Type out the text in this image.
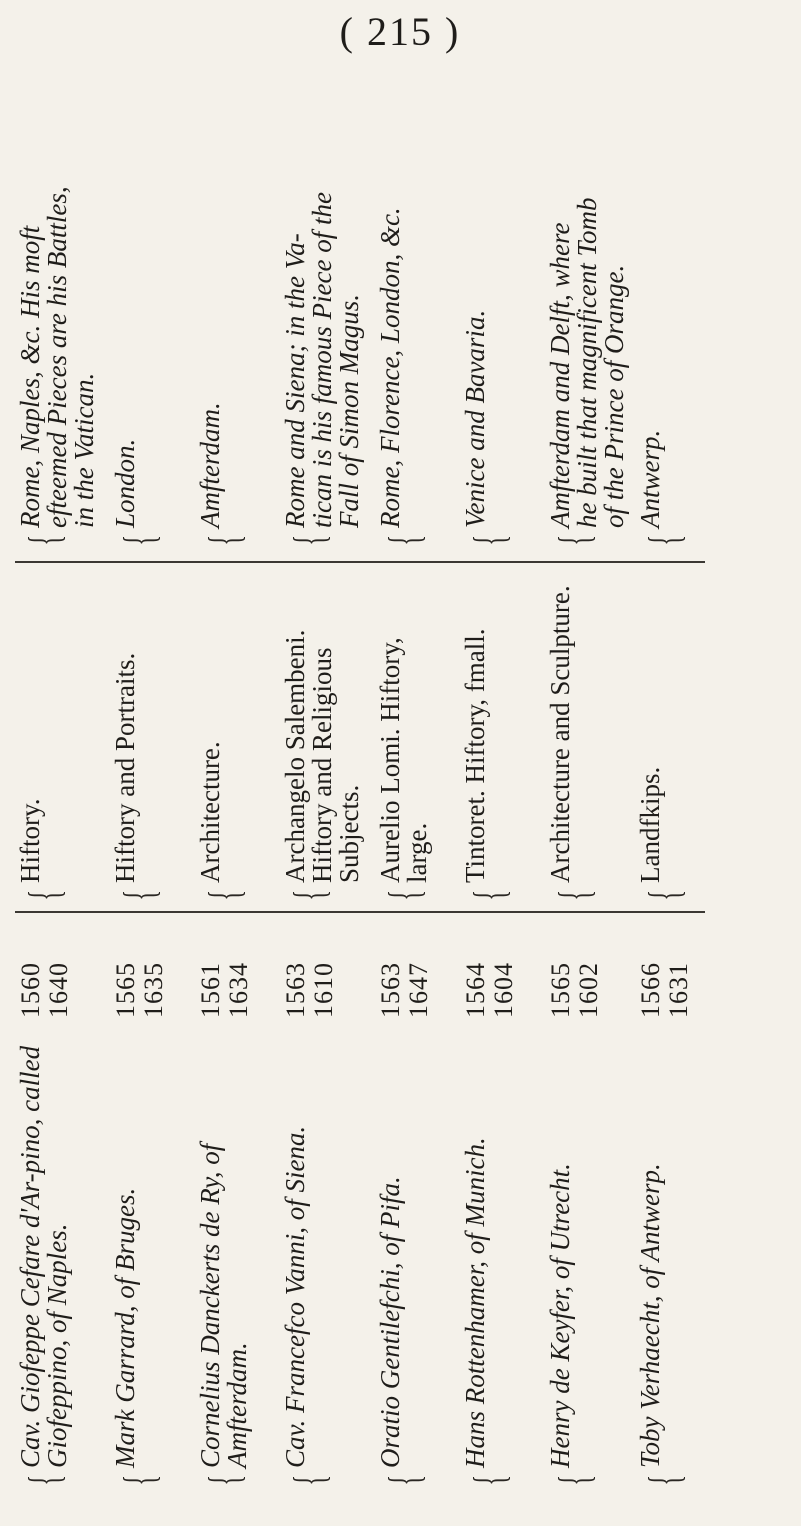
( 215 )
{
Cav. Giofeppe Cefare d'Ar-pino, called Giofeppino, of Naples.
1560 1640
{
Hiftory.
{
Rome, Naples, &c. His moft
efteemed Pieces are his Battles,
in the Vatican.
{
Mark Garrard, of Bruges.
1565 1635
{
Hiftory and Portraits.
{
London.
{
Cornelius Danckerts de Ry, of Amfterdam.
1561 1634
{
Architecture.
{
Amfterdam.
{
Cav. Francefco Vanni, of Siena.
1563 1610
{
Archangelo Salembeni. Hiftory and Religious Subjects.
{
Rome and Siena; in the Va-
tican is his famous Piece of the
Fall of Simon Magus.
{
Oratio Gentilefchi, of Pifa.
1563 1647
{
Aurelio Lomi. Hiftory, large.
{
Rome, Florence, London, &c.
{
Hans Rottenhamer, of Munich.
1564 1604
{
Tintoret. Hiftory, fmall.
{
Venice and Bavaria.
{
Henry de Keyfer, of Utrecht.
1565 1602
{
Architecture and Sculpture.
{
Amfterdam and Delft, where
he built that magnificent Tomb
of the Prince of Orange.
{
Toby Verhaecht, of Antwerp.
1566 1631
{
Landfkips.
{
Antwerp.
